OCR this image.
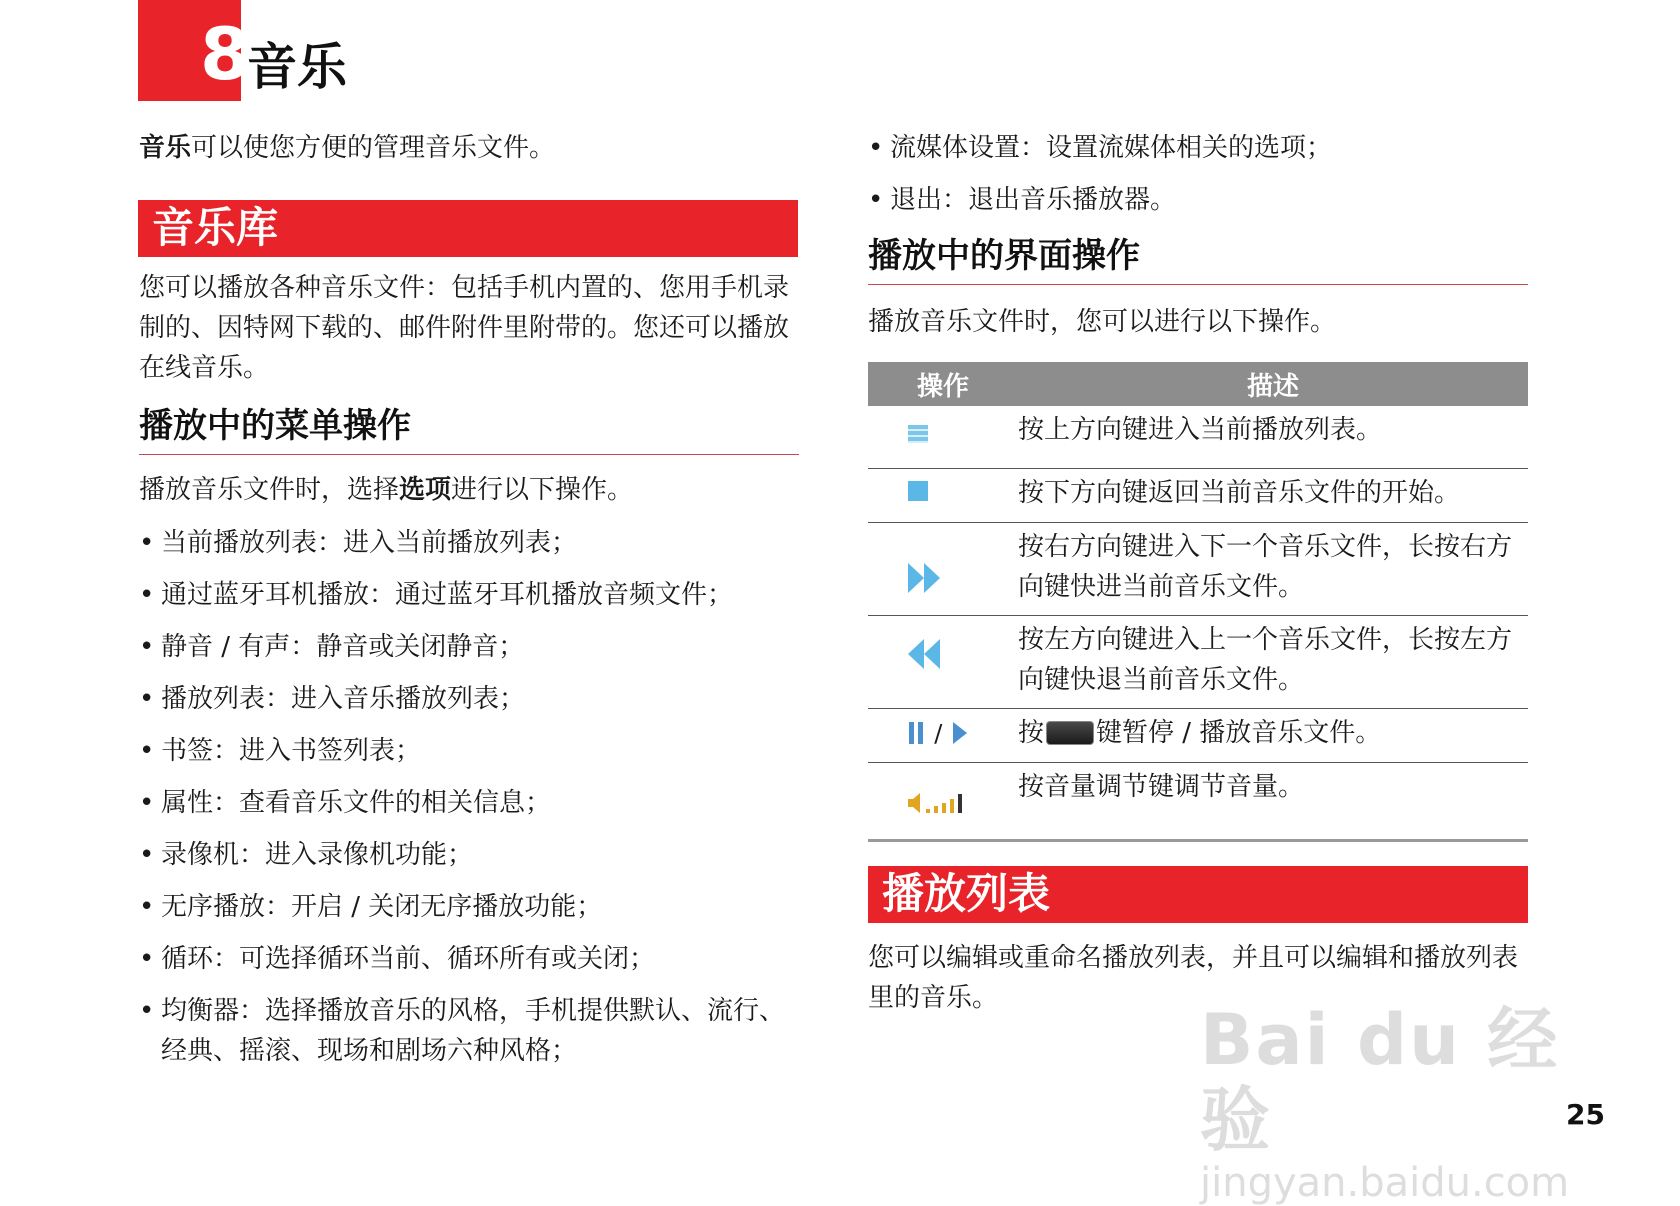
8
音乐
音乐可以使您方便的管理音乐文件。
音乐库
您可以播放各种音乐文件：包括手机内置的、您用手机录制的、因特网下载的、邮件附件里附带的。您还可以播放在线音乐。
播放中的菜单操作
播放音乐文件时，选择选项进行以下操作。
• 当前播放列表：进入当前播放列表；
• 通过蓝牙耳机播放：通过蓝牙耳机播放音频文件；
• 静音 / 有声：静音或关闭静音；
• 播放列表：进入音乐播放列表；
• 书签：进入书签列表；
• 属性：查看音乐文件的相关信息；
• 录像机：进入录像机功能；
• 无序播放：开启 / 关闭无序播放功能；
• 循环：可选择循环当前、循环所有或关闭；
• 均衡器：选择播放音乐的风格，手机提供默认、流行、经典、摇滚、现场和剧场六种风格；
• 流媒体设置：设置流媒体相关的选项；
• 退出：退出音乐播放器。
播放中的界面操作
播放音乐文件时，您可以进行以下操作。
操作	描述
	按上方向键进入当前播放列表。
	按下方向键返回当前音乐文件的开始。
	按右方向键进入下一个音乐文件，长按右方向键快进当前音乐文件。
	按左方向键进入上一个音乐文件，长按左方向键快退当前音乐文件。
/	按 键暂停 / 播放音乐文件。
	按音量调节键调节音量。
播放列表
您可以编辑或重命名播放列表，并且可以编辑和播放列表里的音乐。
Bai du 经验
jingyan.baidu.com
25
